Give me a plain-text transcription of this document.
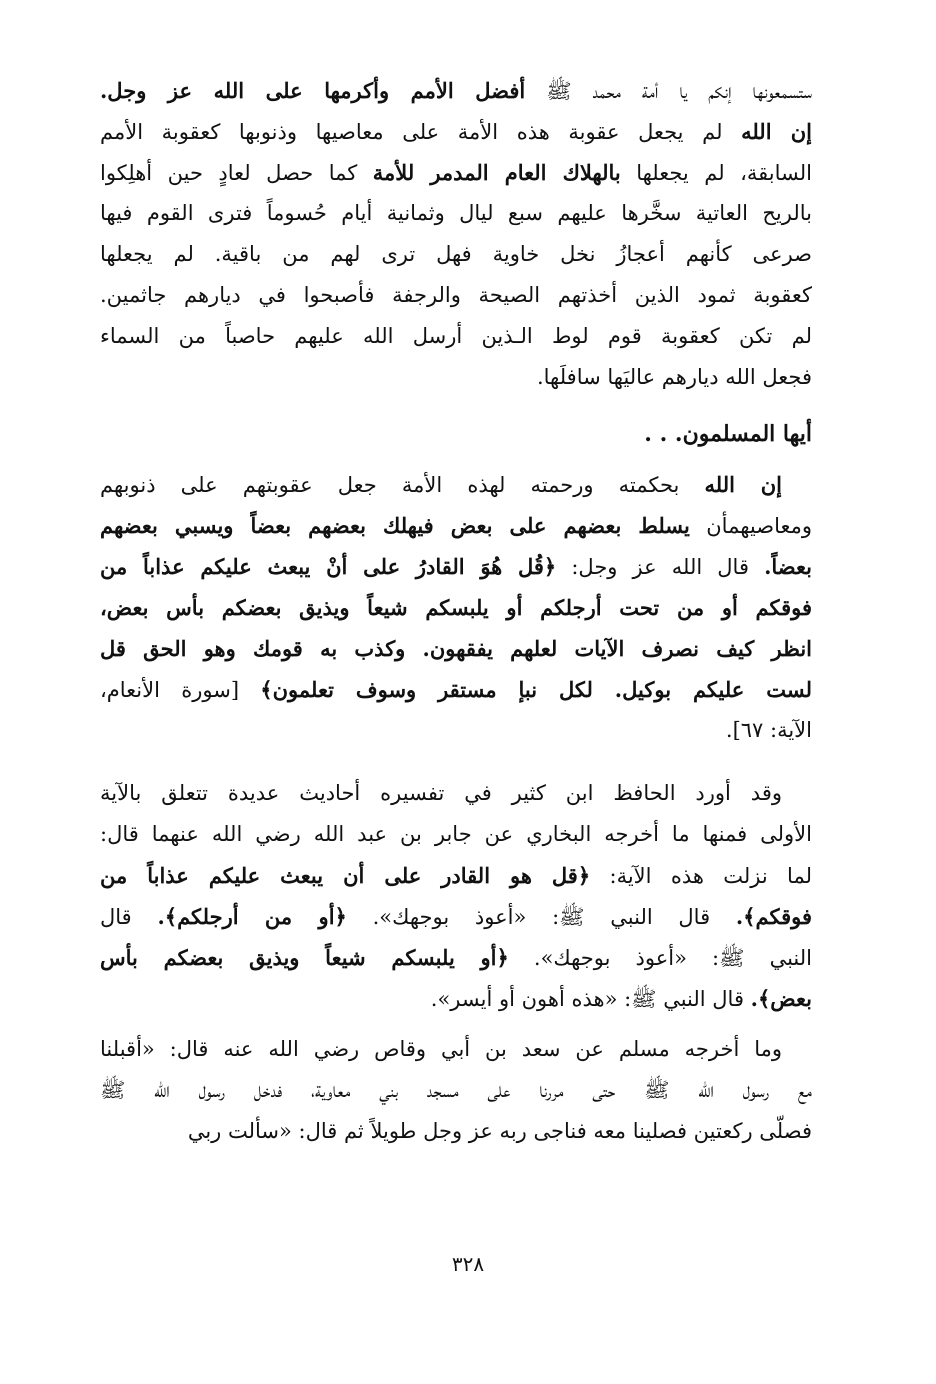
ستسمعونها إنكم يا أمة محمد ﷺ أفضل الأمم وأكرمها على الله عز وجل.
إن الله لم يجعل عقوبة هذه الأمة على معاصيها وذنوبها كعقوبة الأمم
السابقة، لم يجعلها بالهلاك العام المدمر للأمة كما حصل لعادٍ حين أهلِكوا
بالريح العاتية سخَّرها عليهم سبع ليال وثمانية أيام حُسوماً فترى القوم فيها
صرعى كأنهم أعجازُ نخل خاوية فهل ترى لهم من باقية. لم يجعلها
كعقوبة ثمود الذين أخذتهم الصيحة والرجفة فأصبحوا في ديارهم جاثمين.
لم تكن كعقوبة قوم لوط الـذين أرسل الله عليهم حاصباً من السماء
فجعل الله ديارهم عاليَها سافلَها.
أيها المسلمون. . .
إن الله بحكمته ورحمته لهذه الأمة جعل عقوبتهم على ذنوبهم
ومعاصيهمأن يسلط بعضهم على بعض فيهلك بعضهم بعضاً ويسبي بعضهم
بعضاً. قال الله عز وجل: ﴿قُل هُوَ القادرُ على أنْ يبعث عليكم عذاباً من
فوقكم أو من تحت أرجلكم أو يلبسكم شيعاً ويذيق بعضكم بأس بعض،
انظر كيف نصرف الآيات لعلهم يفقهون. وكذب به قومك وهو الحق قل
لست عليكم بوكيل. لكل نبإ مستقر وسوف تعلمون﴾ [سورة الأنعام،
الآية: ٦٧].
وقد أورد الحافظ ابن كثير في تفسيره أحاديث عديدة تتعلق بالآية
الأولى فمنها ما أخرجه البخاري عن جابر بن عبد الله رضي الله عنهما قال:
لما نزلت هذه الآية: ﴿قل هو القادر على أن يبعث عليكم عذاباً من
فوقكم﴾. قال النبي ﷺ: «أعوذ بوجهك». ﴿أو من أرجلكم﴾. قال
النبي ﷺ: «أعوذ بوجهك». ﴿أو يلبسكم شيعاً ويذيق بعضكم بأس
بعض﴾. قال النبي ﷺ: «هذه أهون أو أيسر».
وما أخرجه مسلم عن سعد بن أبي وقاص رضي الله عنه قال: «أقبلنا
مع رسول الله ﷺ حتى مررنا على مسجد بني معاوية، فدخل رسول الله ﷺ
فصلّى ركعتين فصلينا معه فناجى ربه عز وجل طويلاً ثم قال: «سألت ربي
٣٢٨
